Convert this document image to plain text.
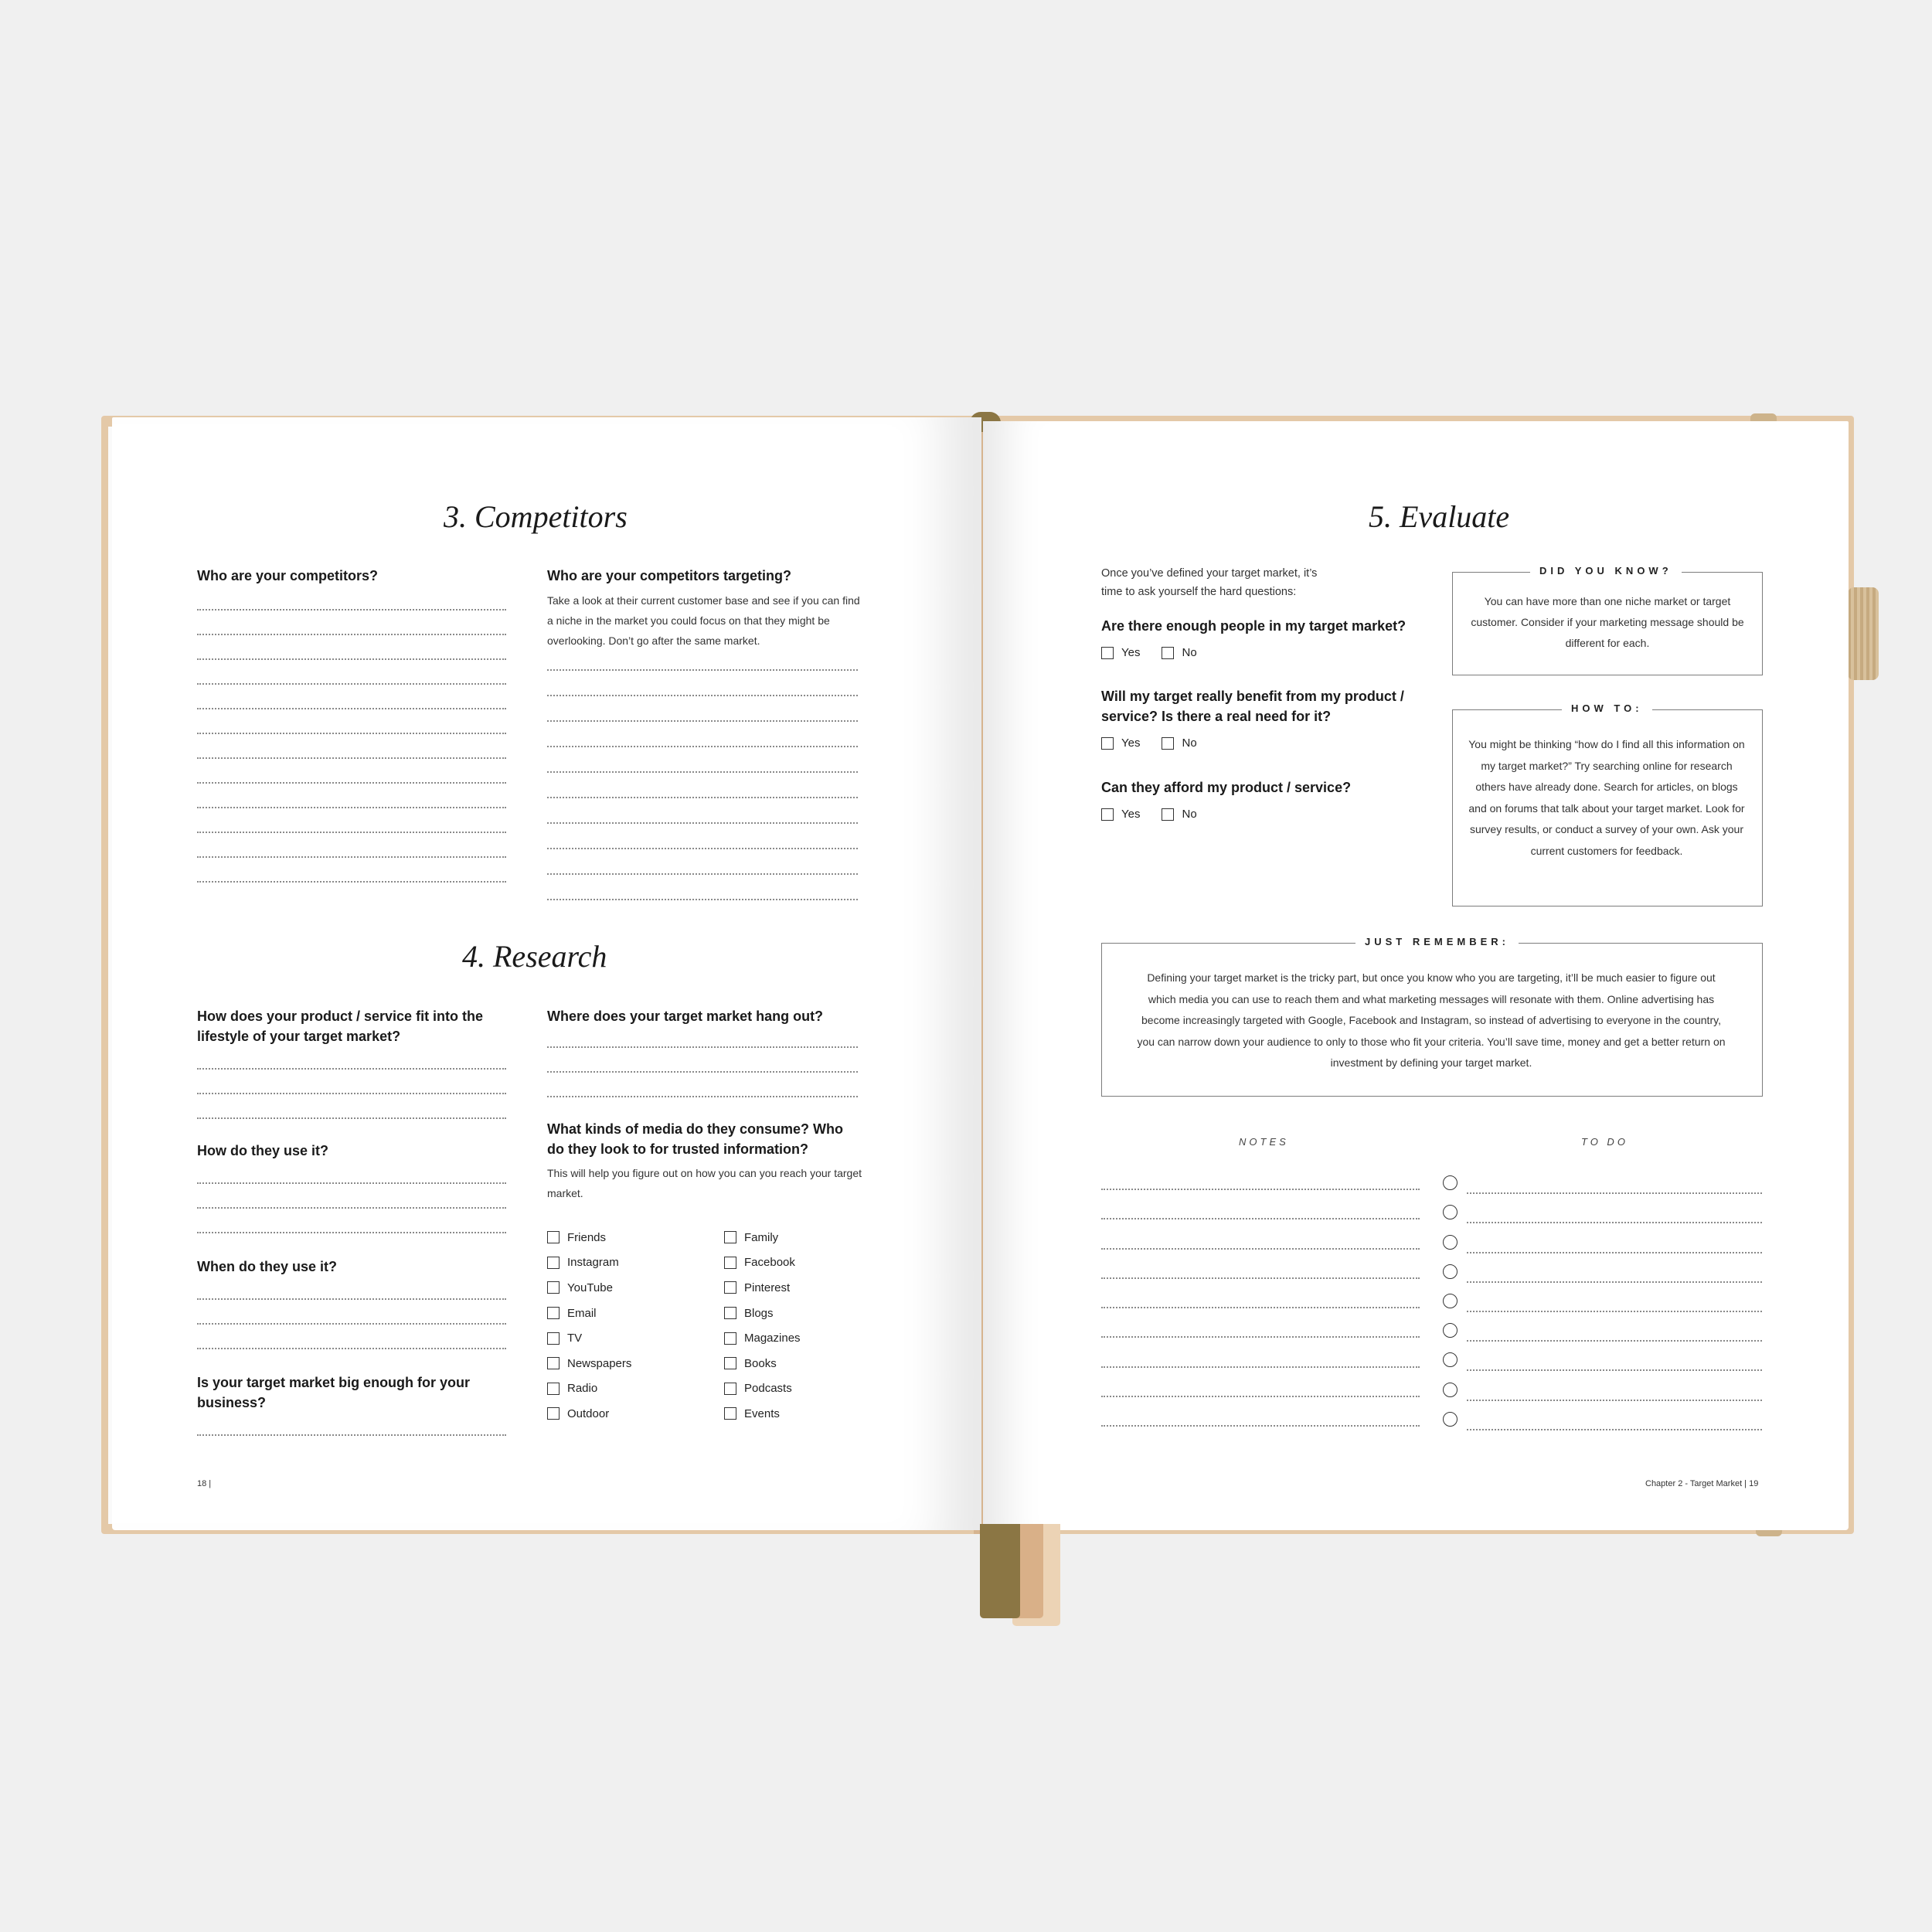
3. Competitors
Who are your competitors?	Who are your competitors targeting?
Take a look at their current customer base and see if you can find a niche in the market you could focus on that they might be overlooking. Don’t go after the same market.
4. Research
How does your product / service fit into the lifestyle of your target market?
How do they use it?
When do they use it?
Is your target market big enough for your business?
Where does your target market hang out?
What kinds of media do they consume? Who do they look to for trusted information?
This will help you figure out on how you can you reach your target market.
Friends
Instagram
YouTube
Email
TV
Newspapers
Radio
Outdoor
Family
Facebook
Pinterest
Blogs
Magazines
Books
Podcasts
Events
18 |
5. Evaluate
Once you’ve defined your target market, it’s time to ask yourself the hard questions:
Are there enough people in my target market?
Yes	No
Will my target really benefit from my product / service? Is there a real need for it?
Yes	No
Can they afford my product / service?
Yes	No
DID YOU KNOW?
You can have more than one niche market or target customer. Consider if your marketing message should be different for each.
HOW TO:
You might be thinking “how do I find all this information on my target market?” Try searching online for research others have already done. Search for articles, on blogs and on forums that talk about your target market. Look for survey results, or conduct a survey of your own. Ask your current customers for feedback.
JUST REMEMBER:
Defining your target market is the tricky part, but once you know who you are targeting, it’ll be much easier to figure out which media you can use to reach them and what marketing messages will resonate with them. Online advertising has become increasingly targeted with Google, Facebook and Instagram, so instead of advertising to everyone in the country, you can narrow down your audience to only to those who fit your criteria. You’ll save time, money and get a better return on investment by defining your target market.
NOTES	TO DO
Chapter 2 - Target Market | 19
